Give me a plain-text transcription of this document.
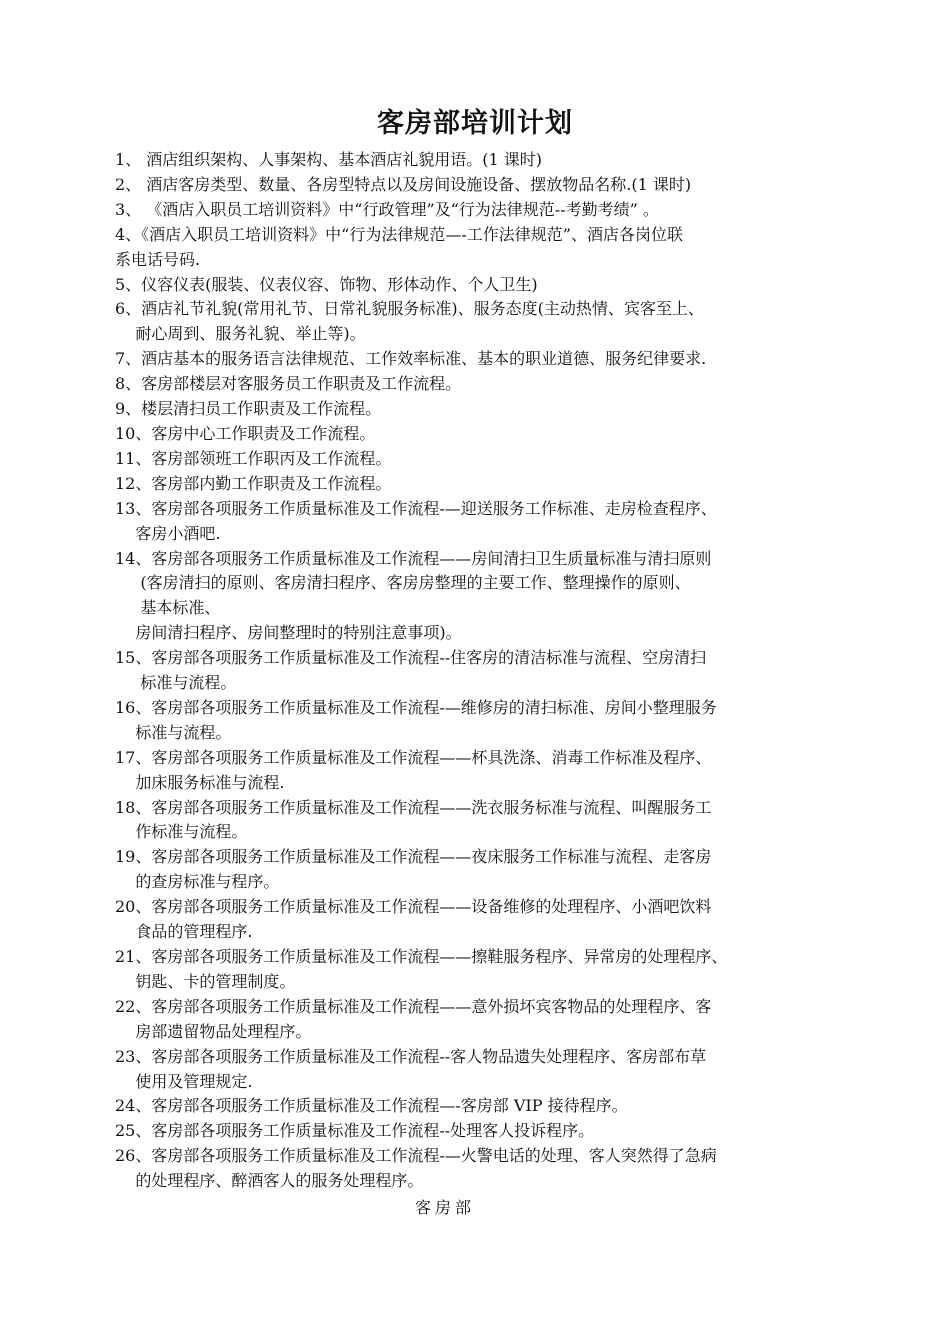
客房部培训计划
1、 酒店组织架构、人事架构、基本酒店礼貌用语。(1 课时)
2、 酒店客房类型、数量、各房型特点以及房间设施设备、摆放物品名称.(1 课时)
3、 《酒店入职员工培训资料》中“行政管理”及“行为法律规范--考勤考绩” 。
4、《酒店入职员工培训资料》中“行为法律规范—-工作法律规范”、酒店各岗位联
系电话号码.
5、仪容仪表(服装、仪表仪容、饰物、形体动作、个人卫生)
6、酒店礼节礼貌(常用礼节、日常礼貌服务标准)、服务态度(主动热情、宾客至上、
耐心周到、服务礼貌、举止等)。
7、酒店基本的服务语言法律规范、工作效率标准、基本的职业道德、服务纪律要求.
8、客房部楼层对客服务员工作职责及工作流程。
9、楼层清扫员工作职责及工作流程。
10、客房中心工作职责及工作流程。
11、客房部领班工作职丙及工作流程。
12、客房部内勤工作职责及工作流程。
13、客房部各项服务工作质量标准及工作流程-—迎送服务工作标准、走房检查程序、
客房小酒吧.
14、客房部各项服务工作质量标准及工作流程——房间清扫卫生质量标准与清扫原则
(客房清扫的原则、客房清扫程序、客房房整理的主要工作、整理操作的原则、
基本标准、
房间清扫程序、房间整理时的特别注意事项)。
15、客房部各项服务工作质量标准及工作流程--住客房的清洁标准与流程、空房清扫
标准与流程。
16、客房部各项服务工作质量标准及工作流程-—维修房的清扫标准、房间小整理服务
标准与流程。
17、客房部各项服务工作质量标准及工作流程——杯具洗涤、消毒工作标准及程序、
加床服务标准与流程.
18、客房部各项服务工作质量标准及工作流程——洗衣服务标准与流程、叫醒服务工
作标准与流程。
19、客房部各项服务工作质量标准及工作流程——夜床服务工作标准与流程、走客房
的查房标准与程序。
20、客房部各项服务工作质量标准及工作流程——设备维修的处理程序、小酒吧饮料
食品的管理程序.
21、客房部各项服务工作质量标准及工作流程——擦鞋服务程序、异常房的处理程序、
钥匙、卡的管理制度。
22、客房部各项服务工作质量标准及工作流程——意外损坏宾客物品的处理程序、客
房部遗留物品处理程序。
23、客房部各项服务工作质量标准及工作流程--客人物品遗失处理程序、客房部布草
使用及管理规定.
24、客房部各项服务工作质量标准及工作流程—-客房部 VIP 接待程序。
25、客房部各项服务工作质量标准及工作流程--处理客人投诉程序。
26、客房部各项服务工作质量标准及工作流程-—火警电话的处理、客人突然得了急病
的处理程序、醉酒客人的服务处理程序。
客房部
